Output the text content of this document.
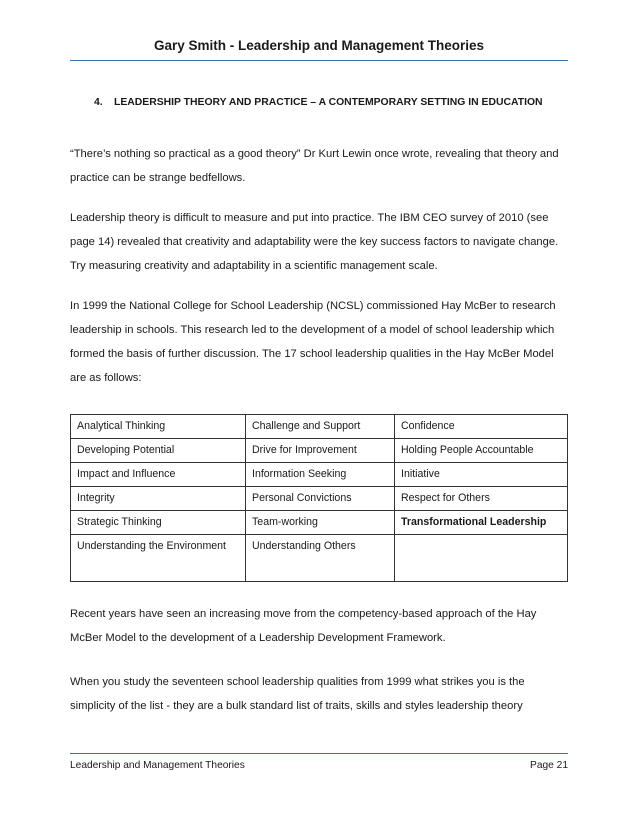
Gary Smith - Leadership and Management Theories
4. LEADERSHIP THEORY AND PRACTICE – A CONTEMPORARY SETTING IN EDUCATION

“There’s nothing so practical as a good theory” Dr Kurt Lewin once wrote, revealing that theory and practice can be strange bedfellows.

Leadership theory is difficult to measure and put into practice. The IBM CEO survey of 2010 (see page 14) revealed that creativity and adaptability were the key success factors to navigate change. Try measuring creativity and adaptability in a scientific management scale.

In 1999 the National College for School Leadership (NCSL) commissioned Hay McBer to research leadership in schools. This research led to the development of a model of school leadership which formed the basis of further discussion. The 17 school leadership qualities in the Hay McBer Model are as follows:

Analytical Thinking	Challenge and Support	Confidence
Developing Potential	Drive for Improvement	Holding People Accountable
Impact and Influence	Information Seeking	Initiative
Integrity	Personal Convictions	Respect for Others
Strategic Thinking	Team-working	Transformational Leadership
Understanding the Environment	Understanding Others	

Recent years have seen an increasing move from the competency-based approach of the Hay McBer Model to the development of a Leadership Development Framework.

When you study the seventeen school leadership qualities from 1999 what strikes you is the simplicity of the list - they are a bulk standard list of traits, skills and styles leadership theory

Leadership and Management Theories	Page 21
